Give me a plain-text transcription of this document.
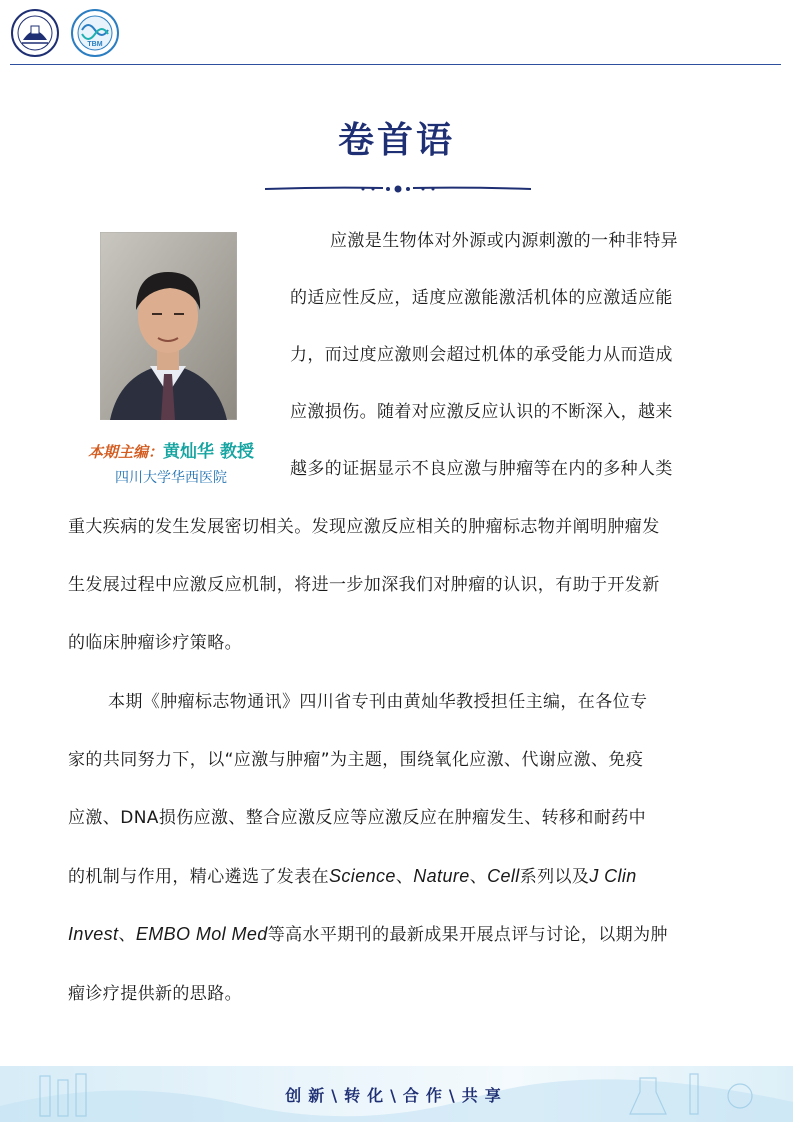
TBM
卷首语
本期主编：黄灿华 教授
四川大学华西医院
应激是生物体对外源或内源刺激的一种非特异
的适应性反应，适度应激能激活机体的应激适应能
力，而过度应激则会超过机体的承受能力从而造成
应激损伤。随着对应激反应认识的不断深入，越来
越多的证据显示不良应激与肿瘤等在内的多种人类
重大疾病的发生发展密切相关。发现应激反应相关的肿瘤标志物并阐明肿瘤发
生发展过程中应激反应机制，将进一步加深我们对肿瘤的认识，有助于开发新
的临床肿瘤诊疗策略。
本期《肿瘤标志物通讯》四川省专刊由黄灿华教授担任主编，在各位专
家的共同努力下，以“应激与肿瘤”为主题，围绕氧化应激、代谢应激、免疫
应激、DNA损伤应激、整合应激反应等应激反应在肿瘤发生、转移和耐药中
的机制与作用，精心遴选了发表在Science、Nature、Cell系列以及J Clin
Invest、EMBO Mol Med等高水平期刊的最新成果开展点评与讨论，以期为肿
瘤诊疗提供新的思路。
创新\转化\合作\共享
